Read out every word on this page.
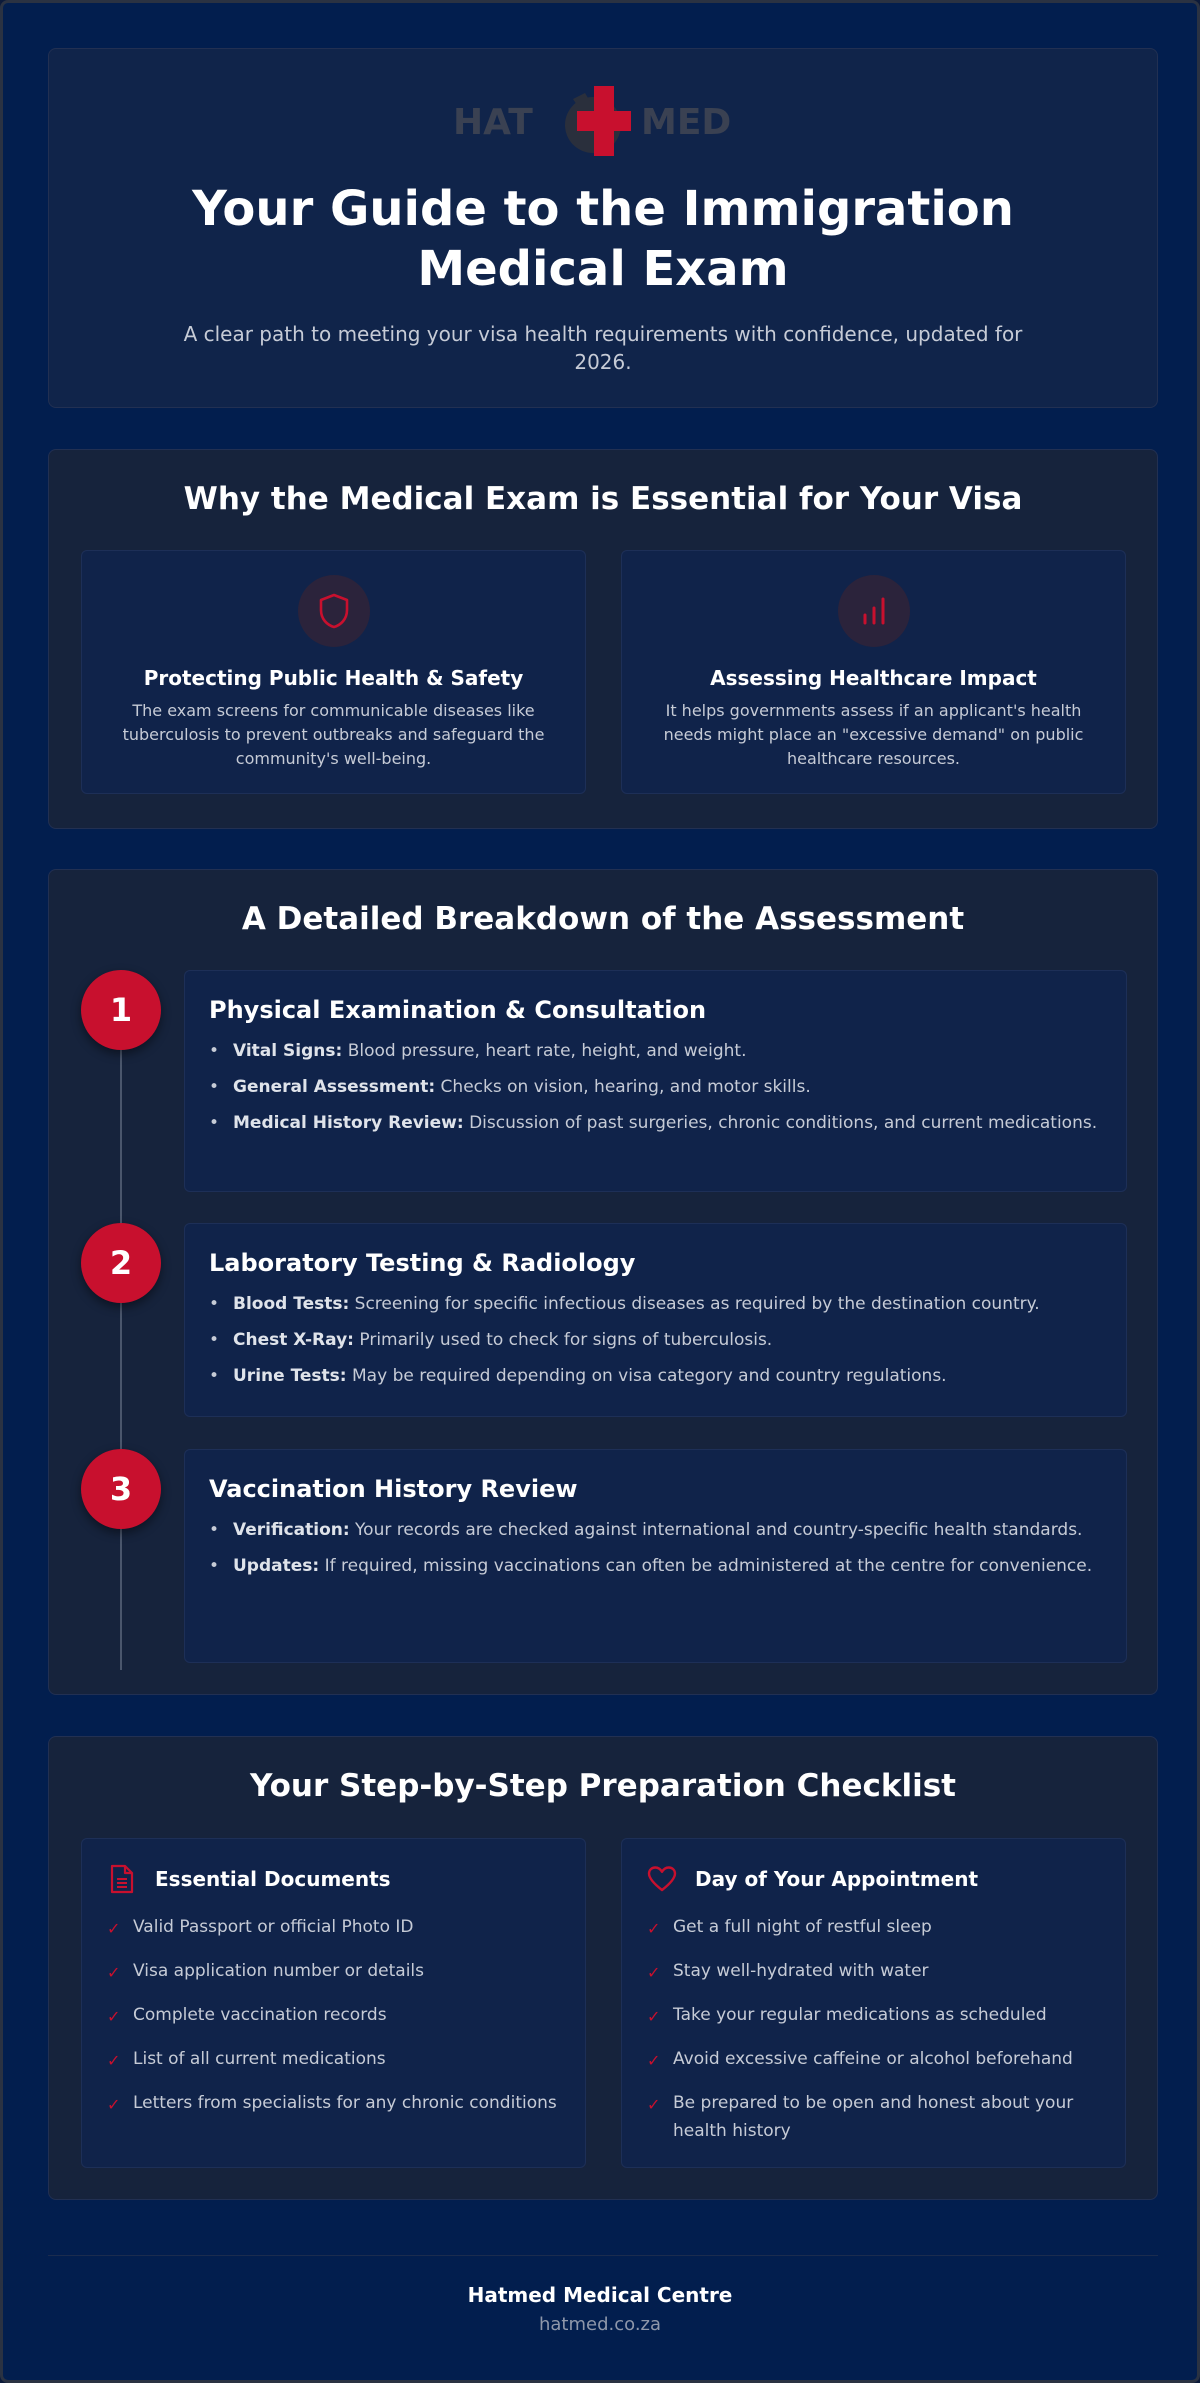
HAT	MED
Your Guide to the Immigration Medical Exam
A clear path to meeting your visa health requirements with confidence, updated for 2026.
Why the Medical Exam is Essential for Your Visa
Protecting Public Health & Safety
The exam screens for communicable diseases like tuberculosis to prevent outbreaks and safeguard the community's well-being.
Assessing Healthcare Impact
It helps governments assess if an applicant's health needs might place an "excessive demand" on public healthcare resources.
A Detailed Breakdown of the Assessment
1	Physical Examination & Consultation
• Vital Signs: Blood pressure, heart rate, height, and weight.
• General Assessment: Checks on vision, hearing, and motor skills.
• Medical History Review: Discussion of past surgeries, chronic conditions, and current medications.
2	Laboratory Testing & Radiology
• Blood Tests: Screening for specific infectious diseases as required by the destination country.
• Chest X-Ray: Primarily used to check for signs of tuberculosis.
• Urine Tests: May be required depending on visa category and country regulations.
3	Vaccination History Review
• Verification: Your records are checked against international and country-specific health standards.
• Updates: If required, missing vaccinations can often be administered at the centre for convenience.
Your Step-by-Step Preparation Checklist
Essential Documents
✓ Valid Passport or official Photo ID
✓ Visa application number or details
✓ Complete vaccination records
✓ List of all current medications
✓ Letters from specialists for any chronic conditions
Day of Your Appointment
✓ Get a full night of restful sleep
✓ Stay well-hydrated with water
✓ Take your regular medications as scheduled
✓ Avoid excessive caffeine or alcohol beforehand
✓ Be prepared to be open and honest about your health history
Hatmed Medical Centre
hatmed.co.za
